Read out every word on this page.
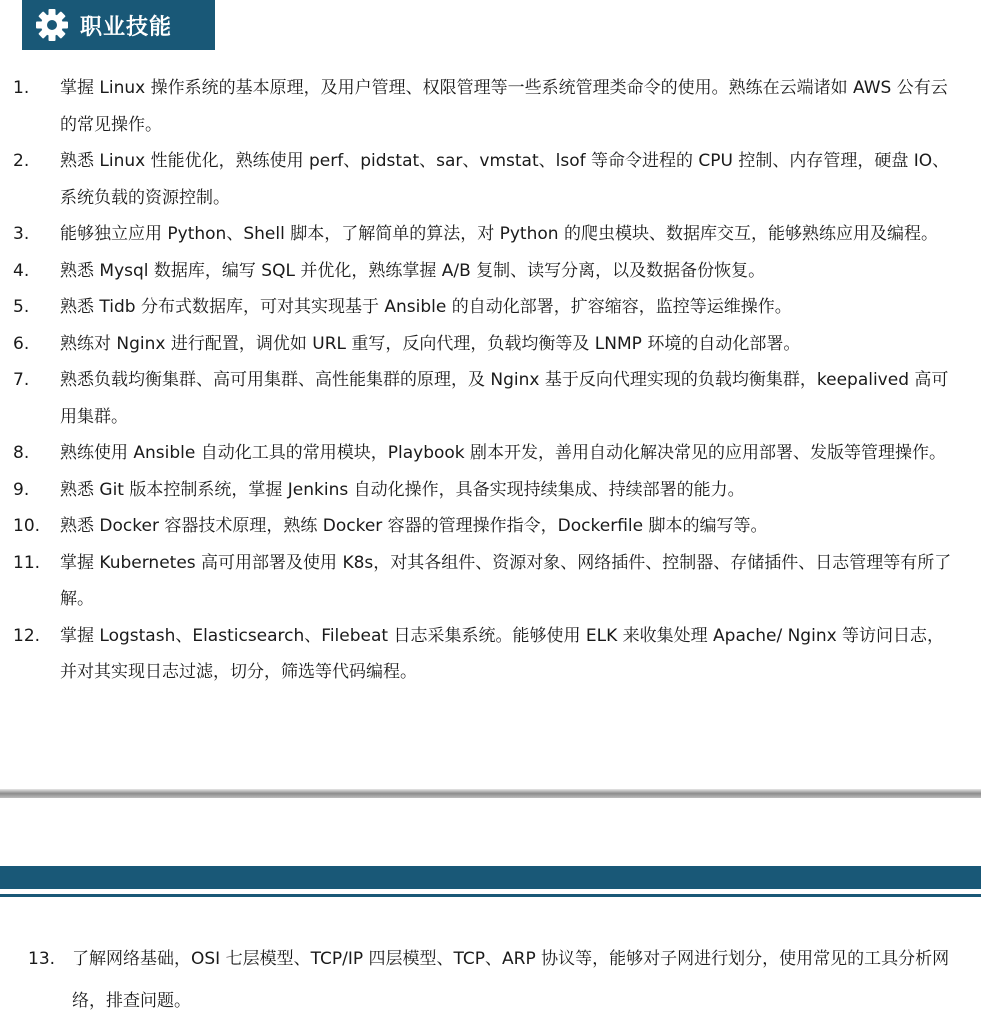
职业技能
1.	掌握 Linux 操作系统的基本原理，及用户管理、权限管理等一些系统管理类命令的使用。熟练在云端诸如 AWS 公有云的常见操作。
2.	熟悉 Linux 性能优化，熟练使用 perf、pidstat、sar、vmstat、lsof 等命令进程的 CPU 控制、内存管理，硬盘 IO、系统负载的资源控制。
3.	能够独立应用 Python、Shell 脚本，了解简单的算法，对 Python 的爬虫模块、数据库交互，能够熟练应用及编程。
4.	熟悉 Mysql 数据库，编写 SQL 并优化，熟练掌握 A/B 复制、读写分离，以及数据备份恢复。
5.	熟悉 Tidb 分布式数据库，可对其实现基于 Ansible 的自动化部署，扩容缩容，监控等运维操作。
6.	熟练对 Nginx 进行配置，调优如 URL 重写，反向代理，负载均衡等及 LNMP 环境的自动化部署。
7.	熟悉负载均衡集群、高可用集群、高性能集群的原理，及 Nginx 基于反向代理实现的负载均衡集群，keepalived 高可用集群。
8.	熟练使用 Ansible 自动化工具的常用模块，Playbook 剧本开发，善用自动化解决常见的应用部署、发版等管理操作。
9.	熟悉 Git 版本控制系统，掌握 Jenkins 自动化操作，具备实现持续集成、持续部署的能力。
10.	熟悉 Docker 容器技术原理，熟练 Docker 容器的管理操作指令，Dockerfile 脚本的编写等。
11.	掌握 Kubernetes 高可用部署及使用 K8s，对其各组件、资源对象、网络插件、控制器、存储插件、日志管理等有所了解。
12.	掌握 Logstash、Elasticsearch、Filebeat 日志采集系统。能够使用 ELK 来收集处理 Apache/ Nginx 等访问日志，并对其实现日志过滤，切分，筛选等代码编程。
13. 了解网络基础，OSI 七层模型、TCP/IP 四层模型、TCP、ARP 协议等，能够对子网进行划分，使用常见的工具分析网络，排查问题。
